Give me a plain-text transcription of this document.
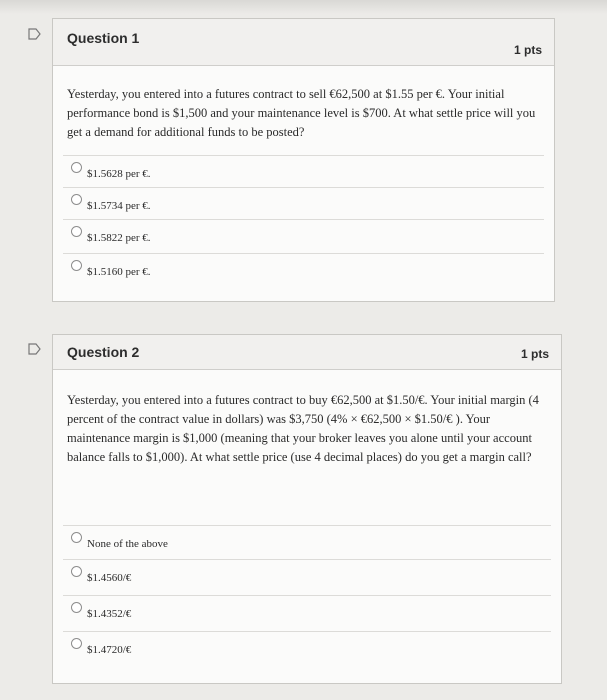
Question 1
1 pts
Yesterday, you entered into a futures contract to sell €62,500 at $1.55 per €. Your initial performance bond is $1,500 and your maintenance level is $700. At what settle price will you get a demand for additional funds to be posted?
$1.5628 per €.
$1.5734 per €.
$1.5822 per €.
$1.5160 per €.
Question 2	1 pts
Yesterday, you entered into a futures contract to buy €62,500 at $1.50/€. Your initial margin (4 percent of the contract value in dollars) was $3,750 (4% × €62,500 × $1.50/€ ). Your maintenance margin is $1,000 (meaning that your broker leaves you alone until your account balance falls to $1,000). At what settle price (use 4 decimal places) do you get a margin call?
None of the above
$1.4560/€
$1.4352/€
$1.4720/€
